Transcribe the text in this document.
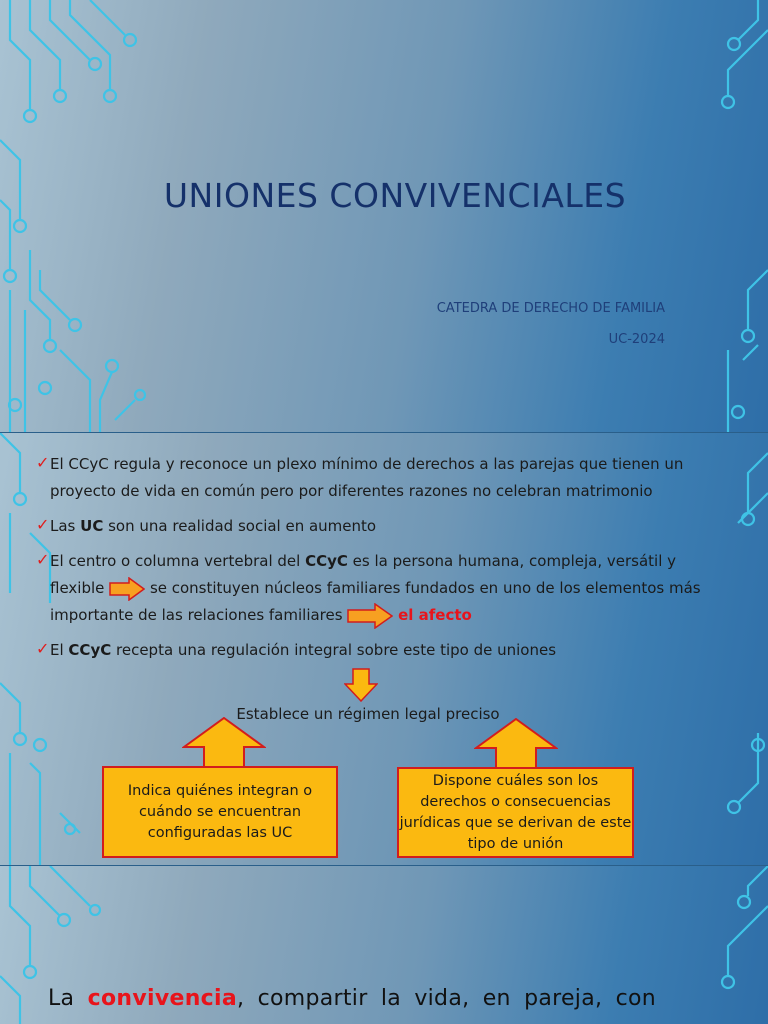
UNIONES CONVIVENCIALES
CATEDRA DE DERECHO DE FAMILIA
UC-2024
✓ El CCyC regula y reconoce un plexo mínimo de derechos a las parejas que tienen un proyecto de vida en común pero por diferentes razones no celebran matrimonio
✓ Las UC son una realidad social en aumento
✓ El centro o columna vertebral del CCyC es la persona humana, compleja, versátil y flexible	se constituyen núcleos familiares fundados en uno de los elementos más importante de las relaciones familiares	el afecto
✓ El CCyC recepta una regulación integral sobre este tipo de uniones
Establece un régimen legal preciso
Indica quiénes integran o cuándo se encuentran configuradas las UC
Dispone cuáles son los derechos o consecuencias jurídicas que se derivan de este tipo de unión
La convivencia, compartir la vida, en pareja, con
